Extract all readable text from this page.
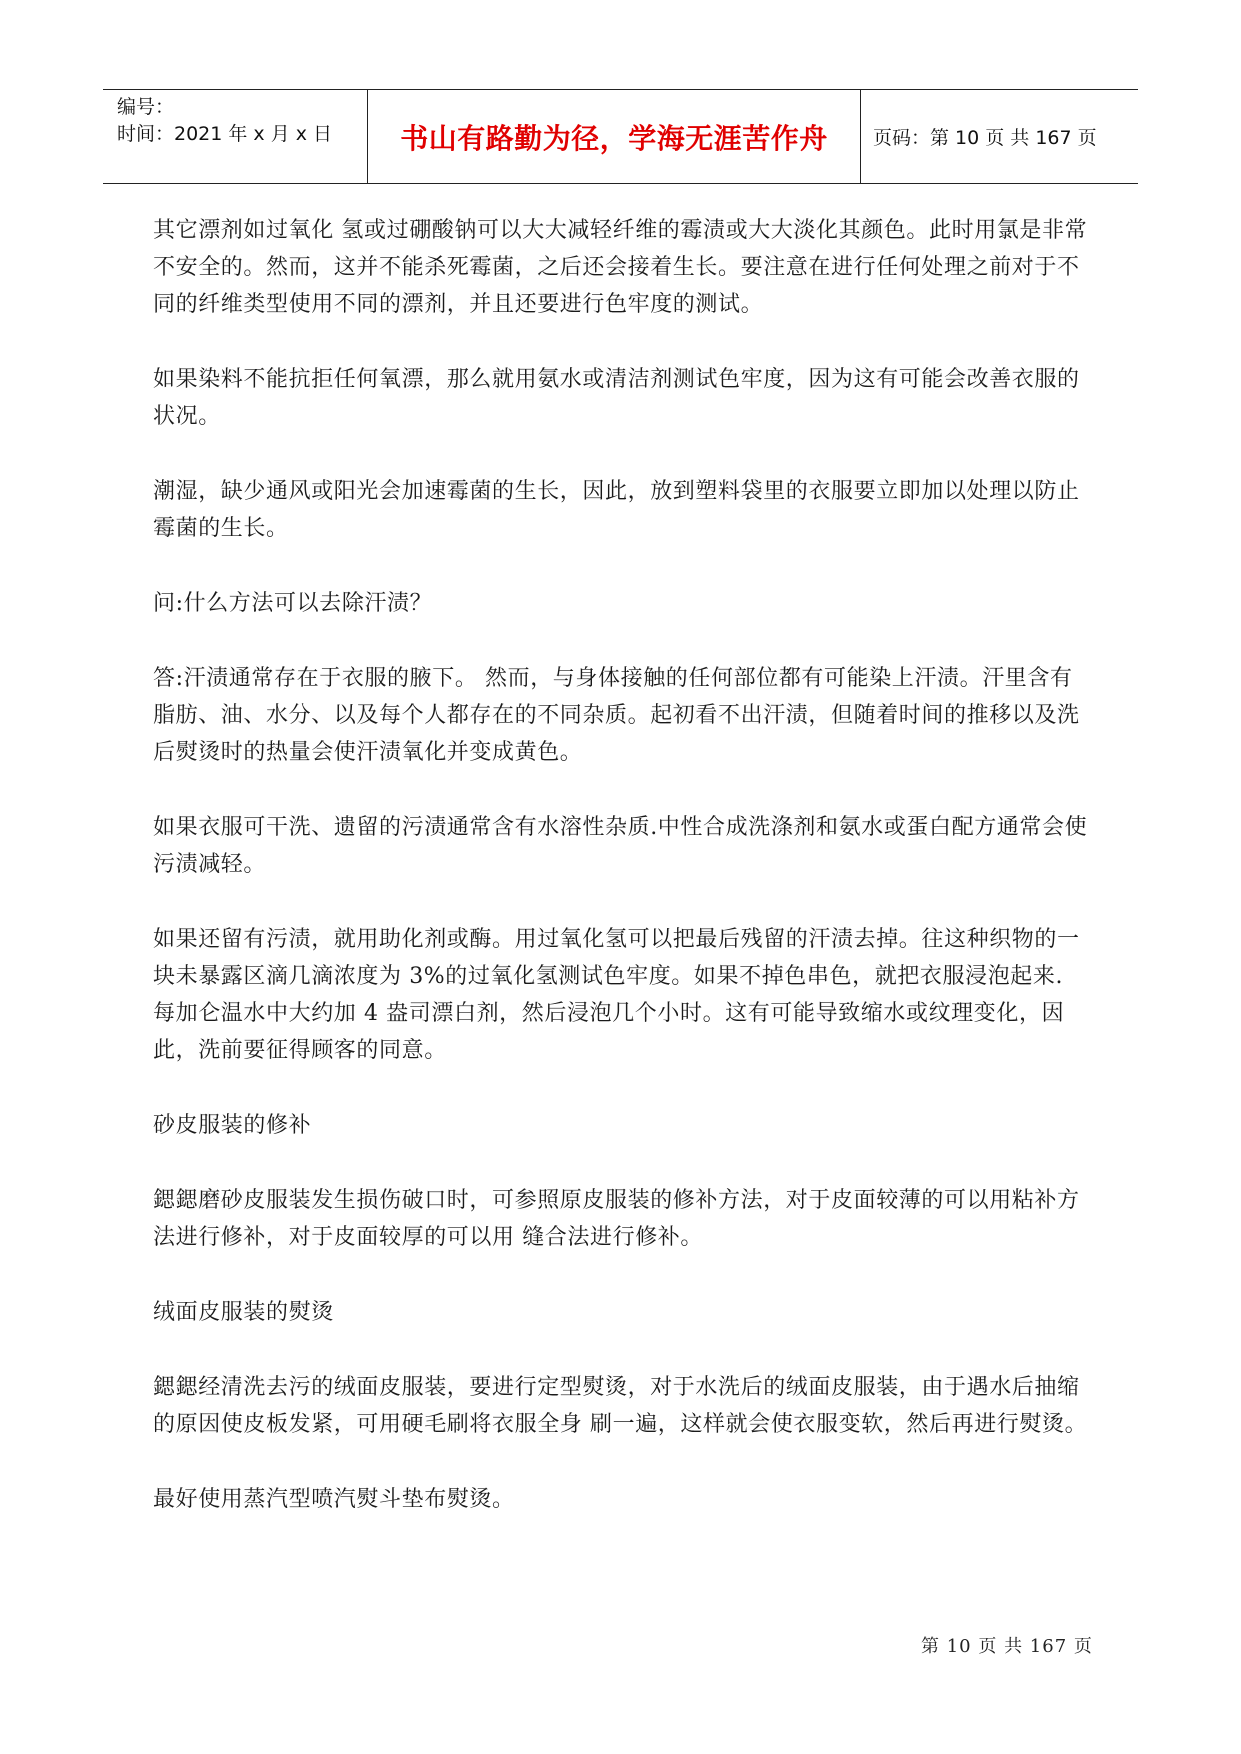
编号：
时间：2021 年 x 月 x 日	书山有路勤为径，学海无涯苦作舟	页码：第 10 页 共 167 页

其它漂剂如过氧化 氢或过硼酸钠可以大大减轻纤维的霉渍或大大淡化其颜色。此时用氯是非常不安全的。然而，这并不能杀死霉菌，之后还会接着生长。要注意在进行任何处理之前对于不同的纤维类型使用不同的漂剂，并且还要进行色牢度的测试。

如果染料不能抗拒任何氧漂，那么就用氨水或清洁剂测试色牢度，因为这有可能会改善衣服的状况。

潮湿，缺少通风或阳光会加速霉菌的生长，因此，放到塑料袋里的衣服要立即加以处理以防止霉菌的生长。

问:什么方法可以去除汗渍？

答:汗渍通常存在于衣服的腋下。 然而，与身体接触的任何部位都有可能染上汗渍。汗里含有脂肪、油、水分、以及每个人都存在的不同杂质。起初看不出汗渍，但随着时间的推移以及洗后熨烫时的热量会使汗渍氧化并变成黄色。

如果衣服可干洗、遗留的污渍通常含有水溶性杂质.中性合成洗涤剂和氨水或蛋白配方通常会使污渍减轻。

如果还留有污渍，就用助化剂或酶。用过氧化氢可以把最后残留的汗渍去掉。往这种织物的一块未暴露区滴几滴浓度为 3%的过氧化氢测试色牢度。如果不掉色串色，就把衣服浸泡起来. 每加仑温水中大约加 4 盎司漂白剂，然后浸泡几个小时。这有可能导致缩水或纹理变化，因此，洗前要征得顾客的同意。

砂皮服装的修补

鍶鍶磨砂皮服装发生损伤破口时，可参照原皮服装的修补方法，对于皮面较薄的可以用粘补方法进行修补，对于皮面较厚的可以用 缝合法进行修补。

绒面皮服装的熨烫

鍶鍶经清洗去污的绒面皮服装，要进行定型熨烫，对于水洗后的绒面皮服装，由于遇水后抽缩的原因使皮板发紧，可用硬毛刷将衣服全身 刷一遍，这样就会使衣服变软，然后再进行熨烫。

最好使用蒸汽型喷汽熨斗垫布熨烫。

第 10 页 共 167 页
